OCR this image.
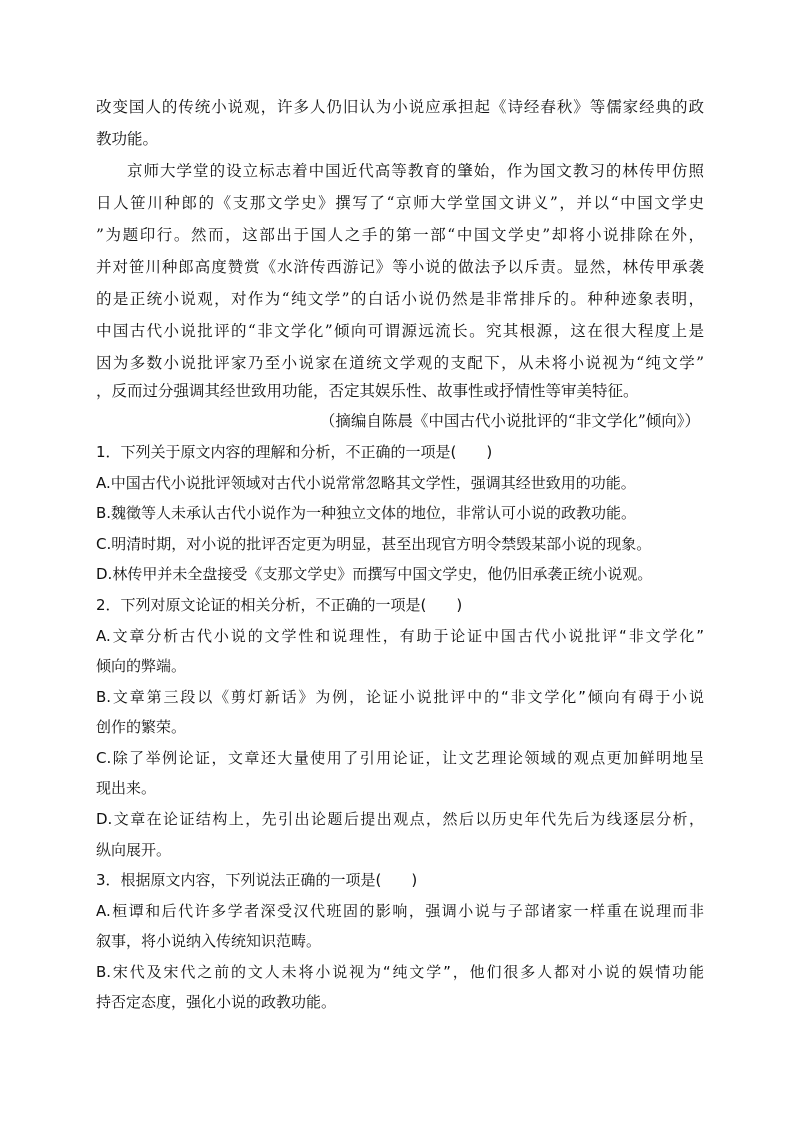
改变国人的传统小说观，许多人仍旧认为小说应承担起《诗经春秋》等儒家经典的政
教功能。
京师大学堂的设立标志着中国近代高等教育的肇始，作为国文教习的林传甲仿照
日人笹川种郎的《支那文学史》撰写了“京师大学堂国文讲义”，并以“中国文学史
”为题印行。然而，这部出于国人之手的第一部“中国文学史”却将小说排除在外，
并对笹川种郎高度赞赏《水浒传西游记》等小说的做法予以斥责。显然，林传甲承袭
的是正统小说观，对作为“纯文学”的白话小说仍然是非常排斥的。种种迹象表明，
中国古代小说批评的“非文学化”倾向可谓源远流长。究其根源，这在很大程度上是
因为多数小说批评家乃至小说家在道统文学观的支配下，从未将小说视为“纯文学”
，反而过分强调其经世致用功能，否定其娱乐性、故事性或抒情性等审美特征。
（摘编自陈晨《中国古代小说批评的“非文学化”倾向》）
1．下列关于原文内容的理解和分析，不正确的一项是(　　)
A.中国古代小说批评领域对古代小说常常忽略其文学性，强调其经世致用的功能。
B.魏徵等人未承认古代小说作为一种独立文体的地位，非常认可小说的政教功能。
C.明清时期，对小说的批评否定更为明显，甚至出现官方明令禁毁某部小说的现象。
D.林传甲并未全盘接受《支那文学史》而撰写中国文学史，他仍旧承袭正统小说观。
2．下列对原文论证的相关分析，不正确的一项是(　　)
A.文章分析古代小说的文学性和说理性，有助于论证中国古代小说批评“非文学化”
倾向的弊端。
B.文章第三段以《剪灯新话》为例，论证小说批评中的“非文学化”倾向有碍于小说
创作的繁荣。
C.除了举例论证，文章还大量使用了引用论证，让文艺理论领域的观点更加鲜明地呈
现出来。
D.文章在论证结构上，先引出论题后提出观点，然后以历史年代先后为线逐层分析，
纵向展开。
3．根据原文内容，下列说法正确的一项是(　　)
A.桓谭和后代许多学者深受汉代班固的影响，强调小说与子部诸家一样重在说理而非
叙事，将小说纳入传统知识范畴。
B.宋代及宋代之前的文人未将小说视为“纯文学”，他们很多人都对小说的娱情功能
持否定态度，强化小说的政教功能。
